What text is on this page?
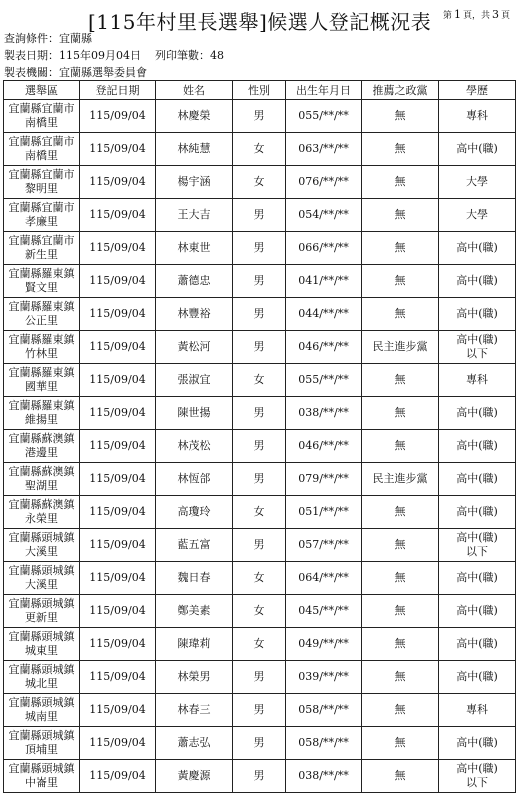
[115年村里長選舉]候選人登記概況表 第 1 頁，共 3 頁
查詢條件：宜蘭縣
製表日期：115年09月04日 列印筆數：48
製表機關：宜蘭縣選舉委員會
選舉區	登記日期	姓名	性別	出生年月日	推薦之政黨	學歷
宜蘭縣宜蘭市
南橋里	115/09/04	林慶榮	男	055/**/**	無	專科
宜蘭縣宜蘭市
南橋里	115/09/04	林純慧	女	063/**/**	無	高中(職)
宜蘭縣宜蘭市
黎明里	115/09/04	楊宇涵	女	076/**/**	無	大學
宜蘭縣宜蘭市
孝廉里	115/09/04	王大吉	男	054/**/**	無	大學
宜蘭縣宜蘭市
新生里	115/09/04	林東世	男	066/**/**	無	高中(職)
宜蘭縣羅東鎮
賢文里	115/09/04	蕭德忠	男	041/**/**	無	高中(職)
宜蘭縣羅東鎮
公正里	115/09/04	林豐裕	男	044/**/**	無	高中(職)
宜蘭縣羅東鎮
竹林里	115/09/04	黃松河	男	046/**/**	民主進步黨	高中(職)
以下
宜蘭縣羅東鎮
國華里	115/09/04	張淑宜	女	055/**/**	無	專科
宜蘭縣羅東鎮
維揚里	115/09/04	陳世揚	男	038/**/**	無	高中(職)
宜蘭縣蘇澳鎮
港邊里	115/09/04	林茂松	男	046/**/**	無	高中(職)
宜蘭縣蘇澳鎮
聖湖里	115/09/04	林恆郃	男	079/**/**	民主進步黨	高中(職)
宜蘭縣蘇澳鎮
永榮里	115/09/04	高瓊玲	女	051/**/**	無	高中(職)
宜蘭縣頭城鎮
大溪里	115/09/04	藍五富	男	057/**/**	無	高中(職)
以下
宜蘭縣頭城鎮
大溪里	115/09/04	魏日春	女	064/**/**	無	高中(職)
宜蘭縣頭城鎮
更新里	115/09/04	鄭美素	女	045/**/**	無	高中(職)
宜蘭縣頭城鎮
城東里	115/09/04	陳瑋莉	女	049/**/**	無	高中(職)
宜蘭縣頭城鎮
城北里	115/09/04	林榮男	男	039/**/**	無	高中(職)
宜蘭縣頭城鎮
城南里	115/09/04	林春三	男	058/**/**	無	專科
宜蘭縣頭城鎮
頂埔里	115/09/04	蕭志弘	男	058/**/**	無	高中(職)
宜蘭縣頭城鎮
中崙里	115/09/04	黃慶源	男	038/**/**	無	高中(職)
以下
